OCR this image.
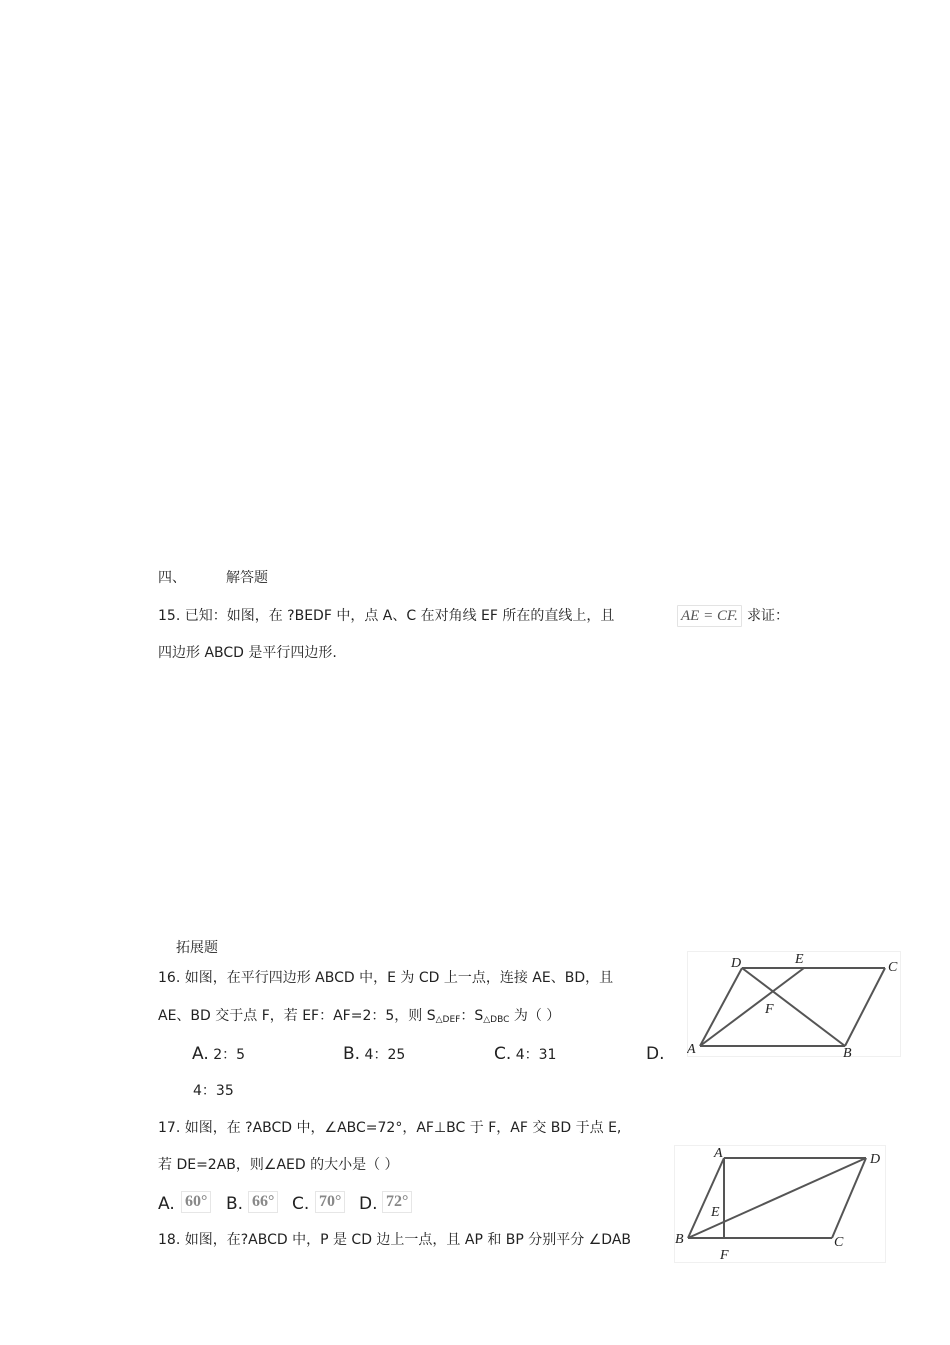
四、	解答题
15. 已知：如图，在 ?BEDF 中，点 A、C 在对角线 EF 所在的直线上，且	AE = CF. 求证：
四边形 ABCD 是平行四边形.
拓展题
16. 如图，在平行四边形 ABCD 中，E 为 CD 上一点，连接 AE、BD，且
AE、BD 交于点 F，若 EF：AF=2：5，则 $S_{\triangle DEF}$：$S_{\triangle DBC}$ 为（ ）
A. 2：5	B. 4：25	C. 4：31	D.
4：35
D	E
C
F
A	B
17. 如图，在 ?ABCD 中，∠ABC=72°，AF⊥BC 于 F，AF 交 BD 于点 E,
若 DE=2AB，则∠AED 的大小是（ ）
A. 60° B. 66° C. 70° D. 72°
A	D
E
B	C
F
18. 如图，在?ABCD 中，P 是 CD 边上一点，且 AP 和 BP 分别平分 ∠DAB
